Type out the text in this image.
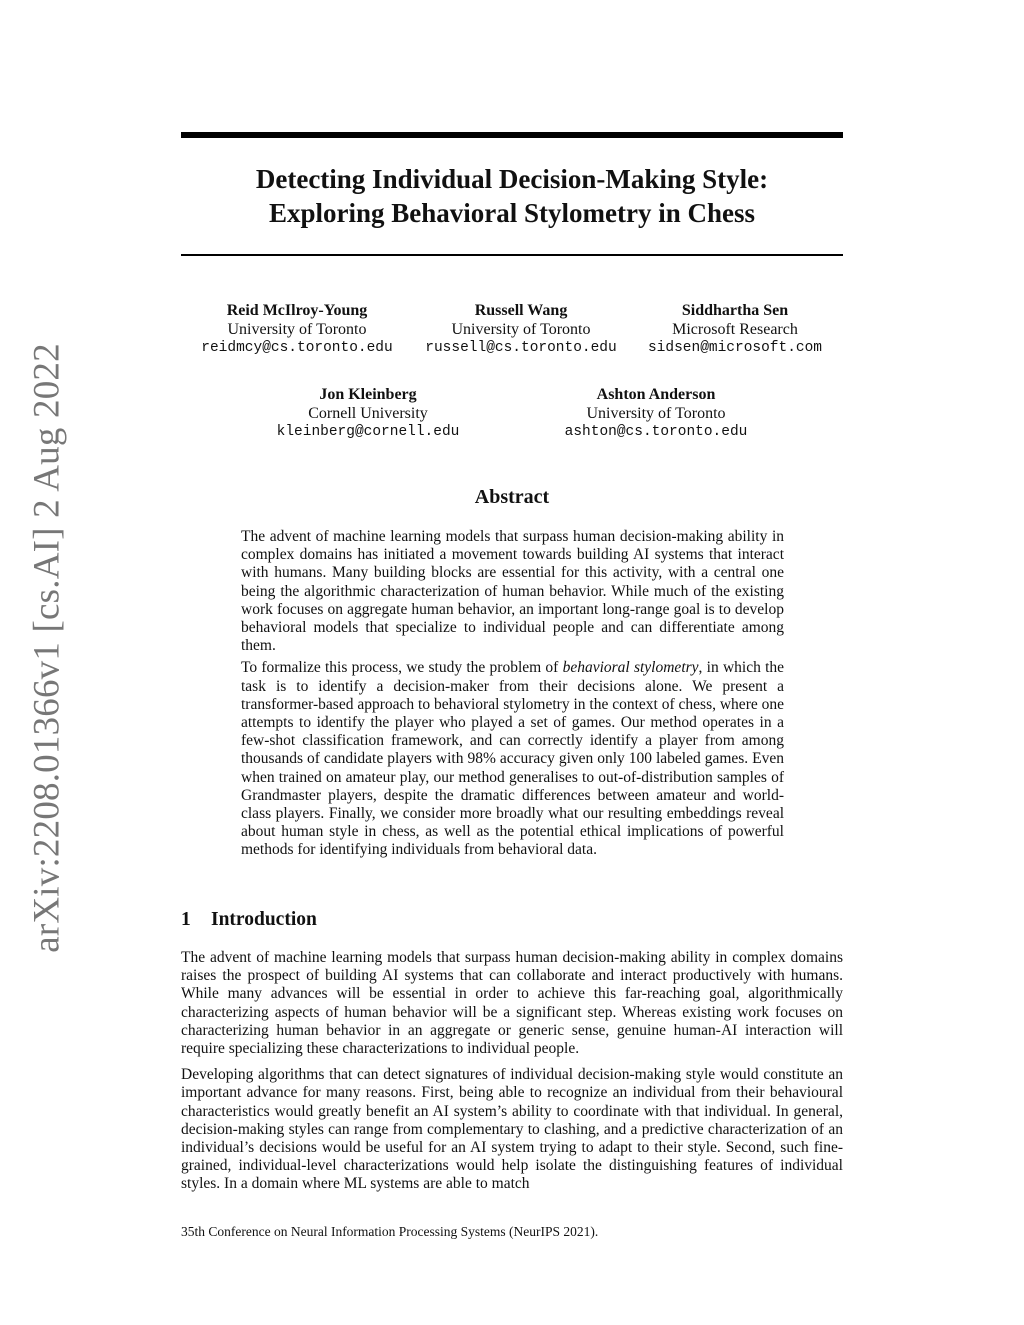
arXiv:2208.01366v1 [cs.AI] 2 Aug 2022
Detecting Individual Decision-Making Style:
Exploring Behavioral Stylometry in Chess
Reid McIlroy-Young
University of Toronto
reidmcy@cs.toronto.edu
Russell Wang
University of Toronto
russell@cs.toronto.edu
Siddhartha Sen
Microsoft Research
sidsen@microsoft.com
Jon Kleinberg
Cornell University
kleinberg@cornell.edu
Ashton Anderson
University of Toronto
ashton@cs.toronto.edu
Abstract

The advent of machine learning models that surpass human decision-making ability in complex domains has initiated a movement towards building AI systems that interact with humans. Many building blocks are essential for this activity, with a central one being the algorithmic characterization of human behavior. While much of the existing work focuses on aggregate human behavior, an important long-range goal is to develop behavioral models that specialize to individual people and can differentiate among them.

To formalize this process, we study the problem of behavioral stylometry, in which the task is to identify a decision-maker from their decisions alone. We present a transformer-based approach to behavioral stylometry in the context of chess, where one attempts to identify the player who played a set of games. Our method operates in a few-shot classification framework, and can correctly identify a player from among thousands of candidate players with 98% accuracy given only 100 labeled games. Even when trained on amateur play, our method generalises to out-of-distribution samples of Grandmaster players, despite the dramatic differences between amateur and world-class players. Finally, we consider more broadly what our resulting embeddings reveal about human style in chess, as well as the potential ethical implications of powerful methods for identifying individuals from behavioral data.

1 Introduction

The advent of machine learning models that surpass human decision-making ability in complex domains raises the prospect of building AI systems that can collaborate and interact productively with humans. While many advances will be essential in order to achieve this far-reaching goal, algorithmically characterizing aspects of human behavior will be a significant step. Whereas existing work focuses on characterizing human behavior in an aggregate or generic sense, genuine human-AI interaction will require specializing these characterizations to individual people.

Developing algorithms that can detect signatures of individual decision-making style would constitute an important advance for many reasons. First, being able to recognize an individual from their behavioural characteristics would greatly benefit an AI system’s ability to coordinate with that individual. In general, decision-making styles can range from complementary to clashing, and a predictive characterization of an individual’s decisions would be useful for an AI system trying to adapt to their style. Second, such fine-grained, individual-level characterizations would help isolate the distinguishing features of individual styles. In a domain where ML systems are able to match

35th Conference on Neural Information Processing Systems (NeurIPS 2021).
